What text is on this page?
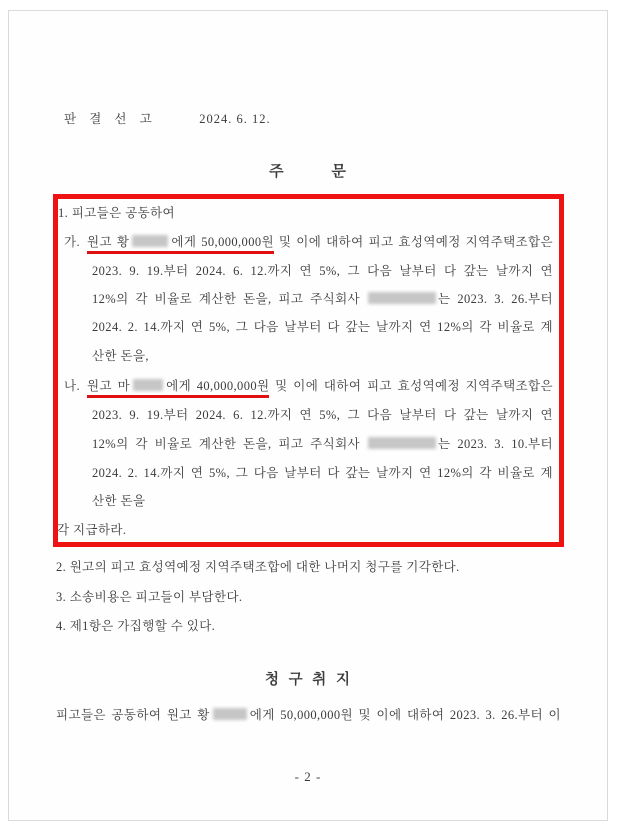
판 결 선 고	2024. 6. 12.
주 문
1. 피고들은 공동하여
가. 원고 황	에게 50,000,000원 및 이에 대하여 피고 효성역예정 지역주택조합은
2023. 9. 19.부터 2024. 6. 12.까지 연 5%, 그 다음 날부터 다 갚는 날까지 연
12%의 각 비율로 계산한 돈을, 피고 주식회사	는 2023. 3. 26.부터
2024. 2. 14.까지 연 5%, 그 다음 날부터 다 갚는 날까지 연 12%의 각 비율로 계
산한 돈을,
나. 원고 마	에게 40,000,000원 및 이에 대하여 피고 효성역예정 지역주택조합은
2023. 9. 19.부터 2024. 6. 12.까지 연 5%, 그 다음 날부터 다 갚는 날까지 연
12%의 각 비율로 계산한 돈을, 피고 주식회사	는 2023. 3. 10.부터
2024. 2. 14.까지 연 5%, 그 다음 날부터 다 갚는 날까지 연 12%의 각 비율로 계
산한 돈을
각 지급하라.
2. 원고의 피고 효성역예정 지역주택조합에 대한 나머지 청구를 기각한다.
3. 소송비용은 피고들이 부담한다.
4. 제1항은 가집행할 수 있다.
청 구 취 지
피고들은 공동하여 원고 황	에게 50,000,000원 및 이에 대하여 2023. 3. 26.부터 이
- 2 -
